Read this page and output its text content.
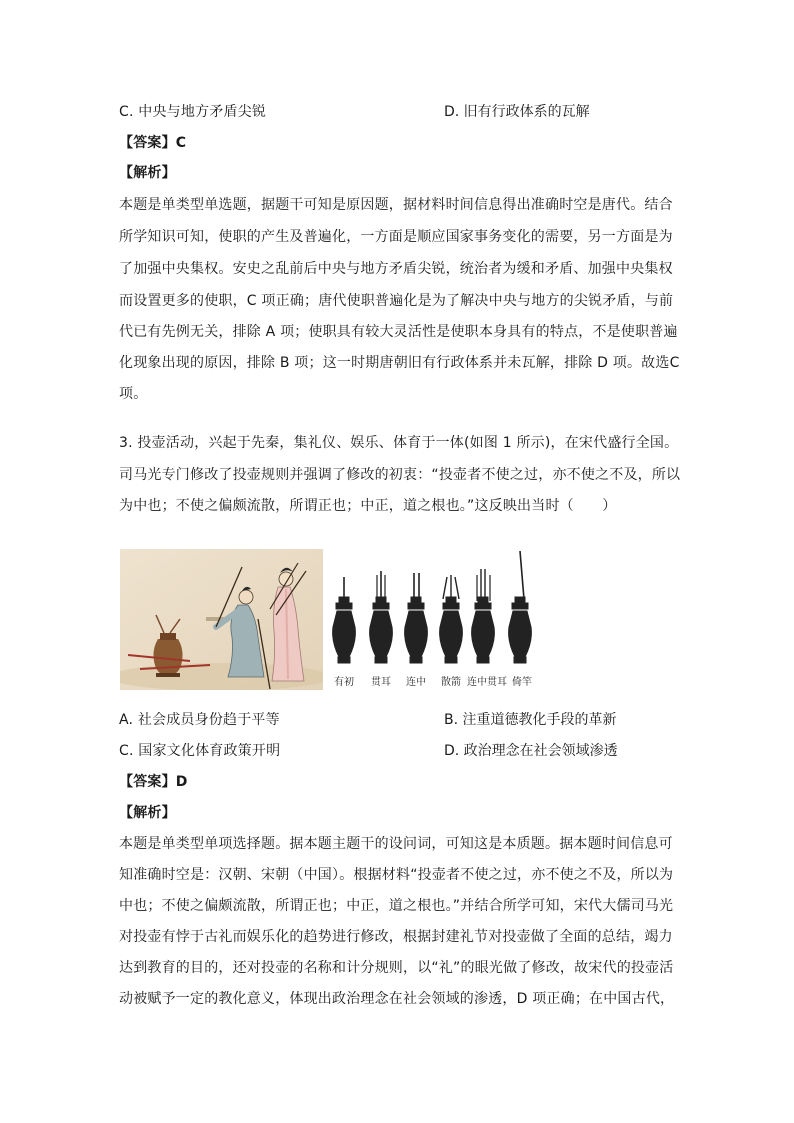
C. 中央与地方矛盾尖锐	D. 旧有行政体系的瓦解
【答案】C
【解析】
本题是单类型单选题，据题干可知是原因题，据材料时间信息得出准确时空是唐代。结合
所学知识可知，使职的产生及普遍化，一方面是顺应国家事务变化的需要，另一方面是为
了加强中央集权。安史之乱前后中央与地方矛盾尖锐，统治者为缓和矛盾、加强中央集权
而设置更多的使职，C 项正确；唐代使职普遍化是为了解决中央与地方的尖锐矛盾，与前
代已有先例无关，排除 A 项；使职具有较大灵活性是使职本身具有的特点，不是使职普遍
化现象出现的原因，排除 B 项；这一时期唐朝旧有行政体系并未瓦解，排除 D 项。故选C
项。
3. 投壶活动，兴起于先秦，集礼仪、娱乐、体育于一体(如图 1 所示)，在宋代盛行全国。
司马光专门修改了投壶规则并强调了修改的初衷：“投壶者不使之过，亦不使之不及，所以
为中也；不使之偏颇流散，所谓正也；中正，道之根也。”这反映出当时（　　）
有初 贯耳 连中 散箭 连中贯耳 倚竿
A. 社会成员身份趋于平等	B. 注重道德教化手段的革新
C. 国家文化体育政策开明	D. 政治理念在社会领域渗透
【答案】D
【解析】
本题是单类型单项选择题。据本题主题干的设问词，可知这是本质题。据本题时间信息可
知准确时空是：汉朝、宋朝（中国）。根据材料“投壶者不使之过，亦不使之不及，所以为
中也；不使之偏颇流散，所谓正也；中正，道之根也。”并结合所学可知，宋代大儒司马光
对投壶有悖于古礼而娱乐化的趋势进行修改，根据封建礼节对投壶做了全面的总结，竭力
达到教育的目的，还对投壶的名称和计分规则，以“礼”的眼光做了修改，故宋代的投壶活
动被赋予一定的教化意义，体现出政治理念在社会领域的渗透，D 项正确；在中国古代，
